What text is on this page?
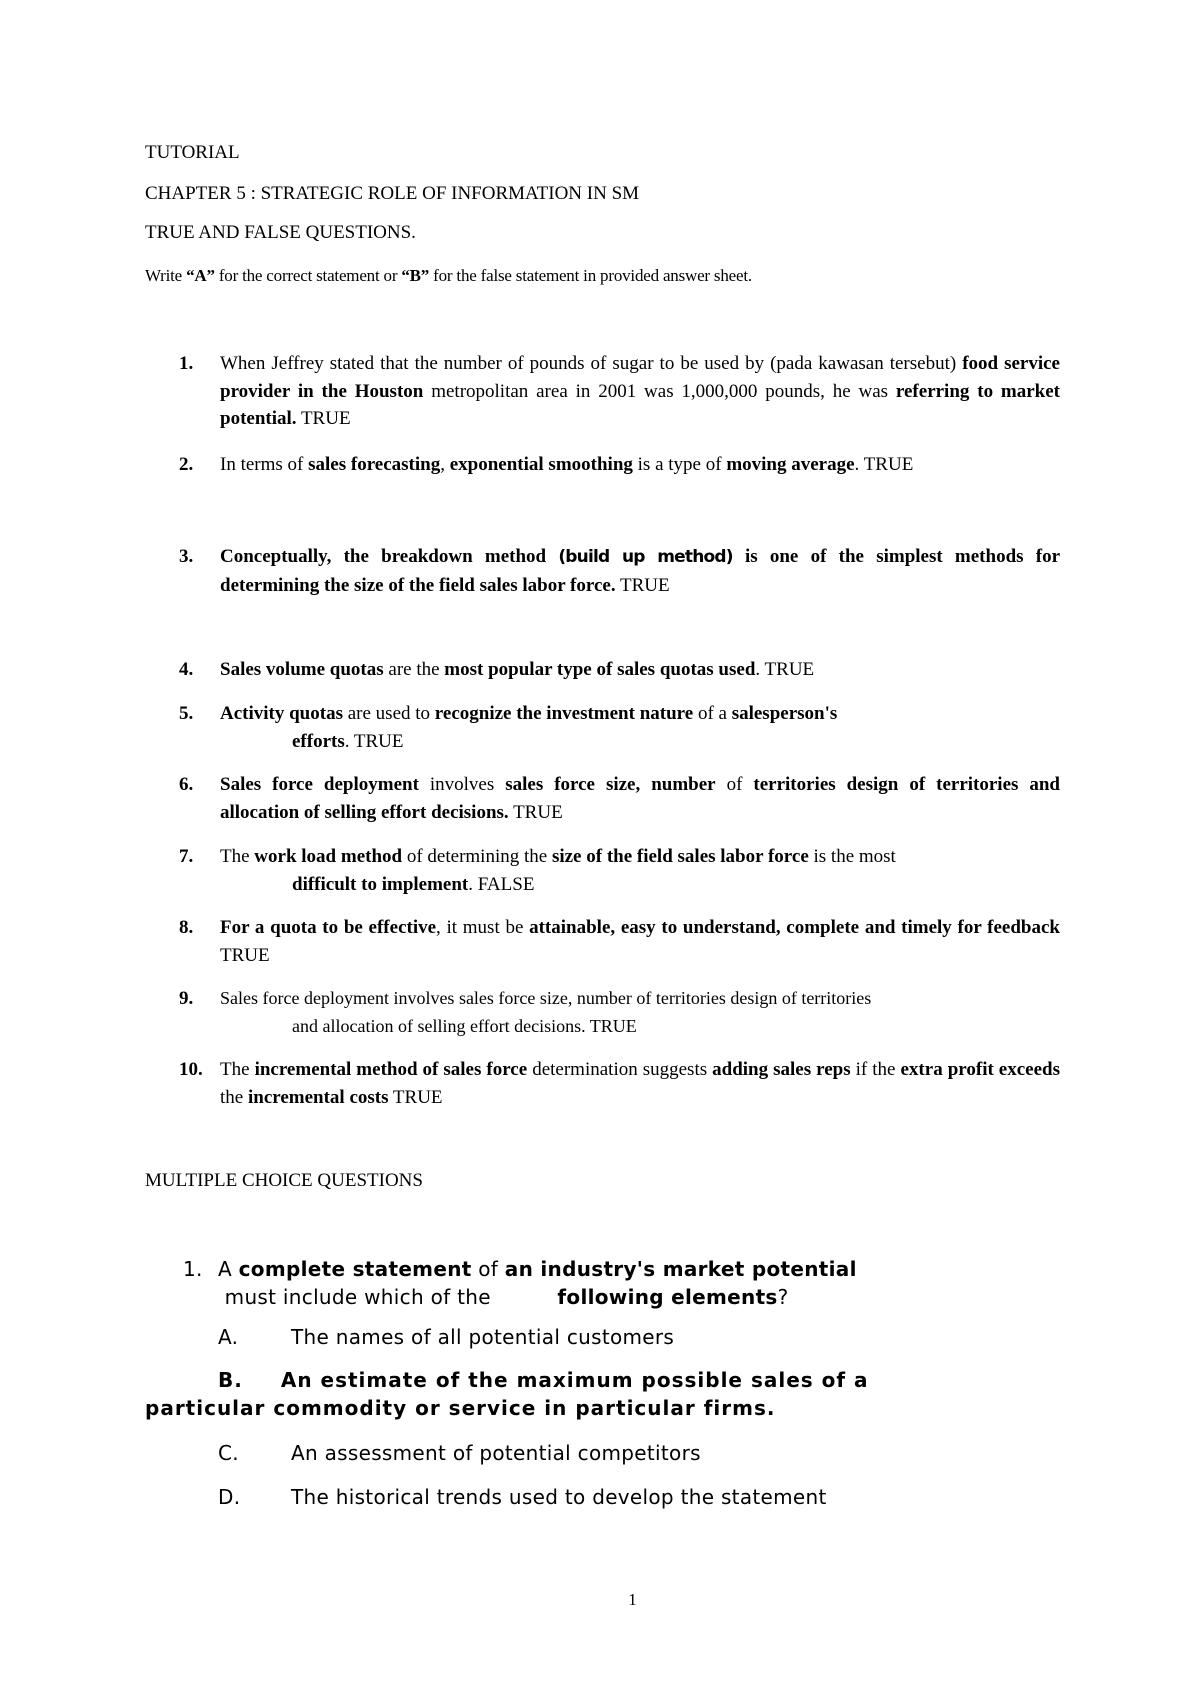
TUTORIAL
CHAPTER 5 : STRATEGIC ROLE OF INFORMATION IN SM
TRUE AND FALSE QUESTIONS.
Write “A” for the correct statement or “B” for the false statement in provided answer sheet.
1.	When Jeffrey stated that the number of pounds of sugar to be used by (pada kawasan tersebut) food service provider in the Houston metropolitan area in 2001 was 1,000,000 pounds, he was referring to market potential. TRUE
2.	In terms of sales forecasting, exponential smoothing is a type of moving average. TRUE
3.	Conceptually, the breakdown method (build up method) is one of the simplest methods for determining the size of the field sales labor force. TRUE
4.	Sales volume quotas are the most popular type of sales quotas used. TRUE
5.	Activity quotas are used to recognize the investment nature of a salesperson's
efforts. TRUE
6.	Sales force deployment involves sales force size, number of territories design of territories and allocation of selling effort decisions. TRUE
7.	The work load method of determining the size of the field sales labor force is the most
difficult to implement. FALSE
8.	For a quota to be effective, it must be attainable, easy to understand, complete and timely for feedback TRUE
9.	Sales force deployment involves sales force size, number of territories design of territories
and allocation of selling effort decisions. TRUE
10. The incremental method of sales force determination suggests adding sales reps if the extra profit exceeds the incremental costs TRUE
MULTIPLE CHOICE QUESTIONS
1. A complete statement of an industry's market potential must include which of the          following elements?
A.	The names of all potential customers
B. An estimate of the maximum possible sales of a
particular commodity or service in particular firms.
C.	An assessment of potential competitors
D.	The historical trends used to develop the statement
1
